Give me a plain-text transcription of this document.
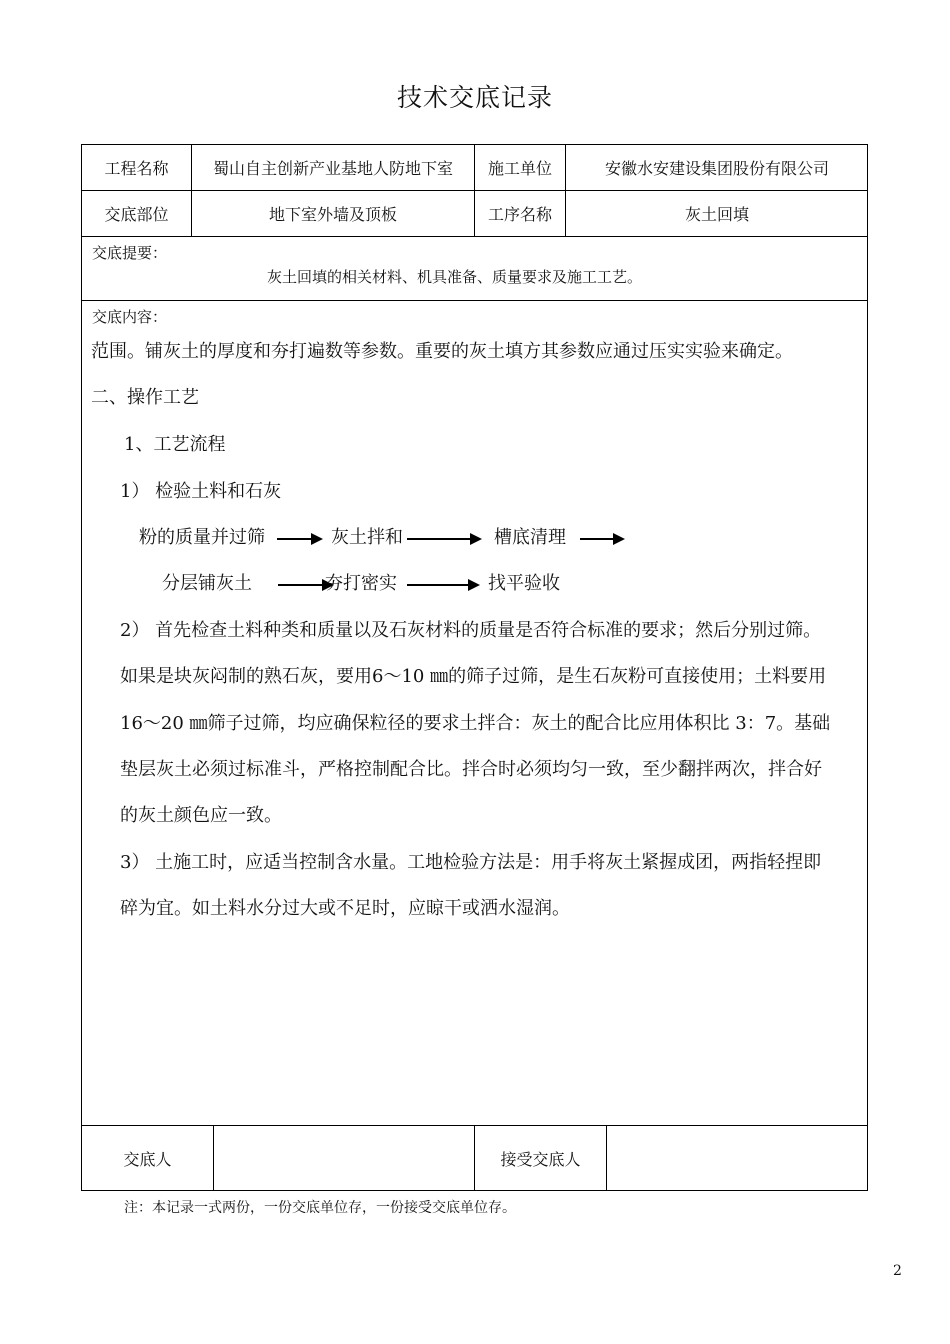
技术交底记录
工程名称	蜀山自主创新产业基地人防地下室	施工单位	安徽水安建设集团股份有限公司
交底部位	地下室外墙及顶板	工序名称	灰土回填
交底提要：
灰土回填的相关材料、机具准备、质量要求及施工工艺。
交底内容：
范围。铺灰土的厚度和夯打遍数等参数。重要的灰土填方其参数应通过压实实验来确定。
二、操作工艺
1、工艺流程
1） 检验土料和石灰
粉的质量并过筛	灰土拌和	槽底清理
分层铺灰土	夯打密实	找平验收
2） 首先检查土料种类和质量以及石灰材料的质量是否符合标准的要求；然后分别过筛。
如果是块灰闷制的熟石灰，要用6～10 ㎜的筛子过筛，是生石灰粉可直接使用；土料要用
16～20 ㎜筛子过筛，均应确保粒径的要求土拌合：灰土的配合比应用体积比 3：7。基础
垫层灰土必须过标准斗，严格控制配合比。拌合时必须均匀一致，至少翻拌两次，拌合好
的灰土颜色应一致。
3） 土施工时，应适当控制含水量。工地检验方法是：用手将灰土紧握成团，两指轻捏即
碎为宜。如土料水分过大或不足时，应晾干或洒水湿润。
交底人	接受交底人
注：本记录一式两份，一份交底单位存，一份接受交底单位存。
2
